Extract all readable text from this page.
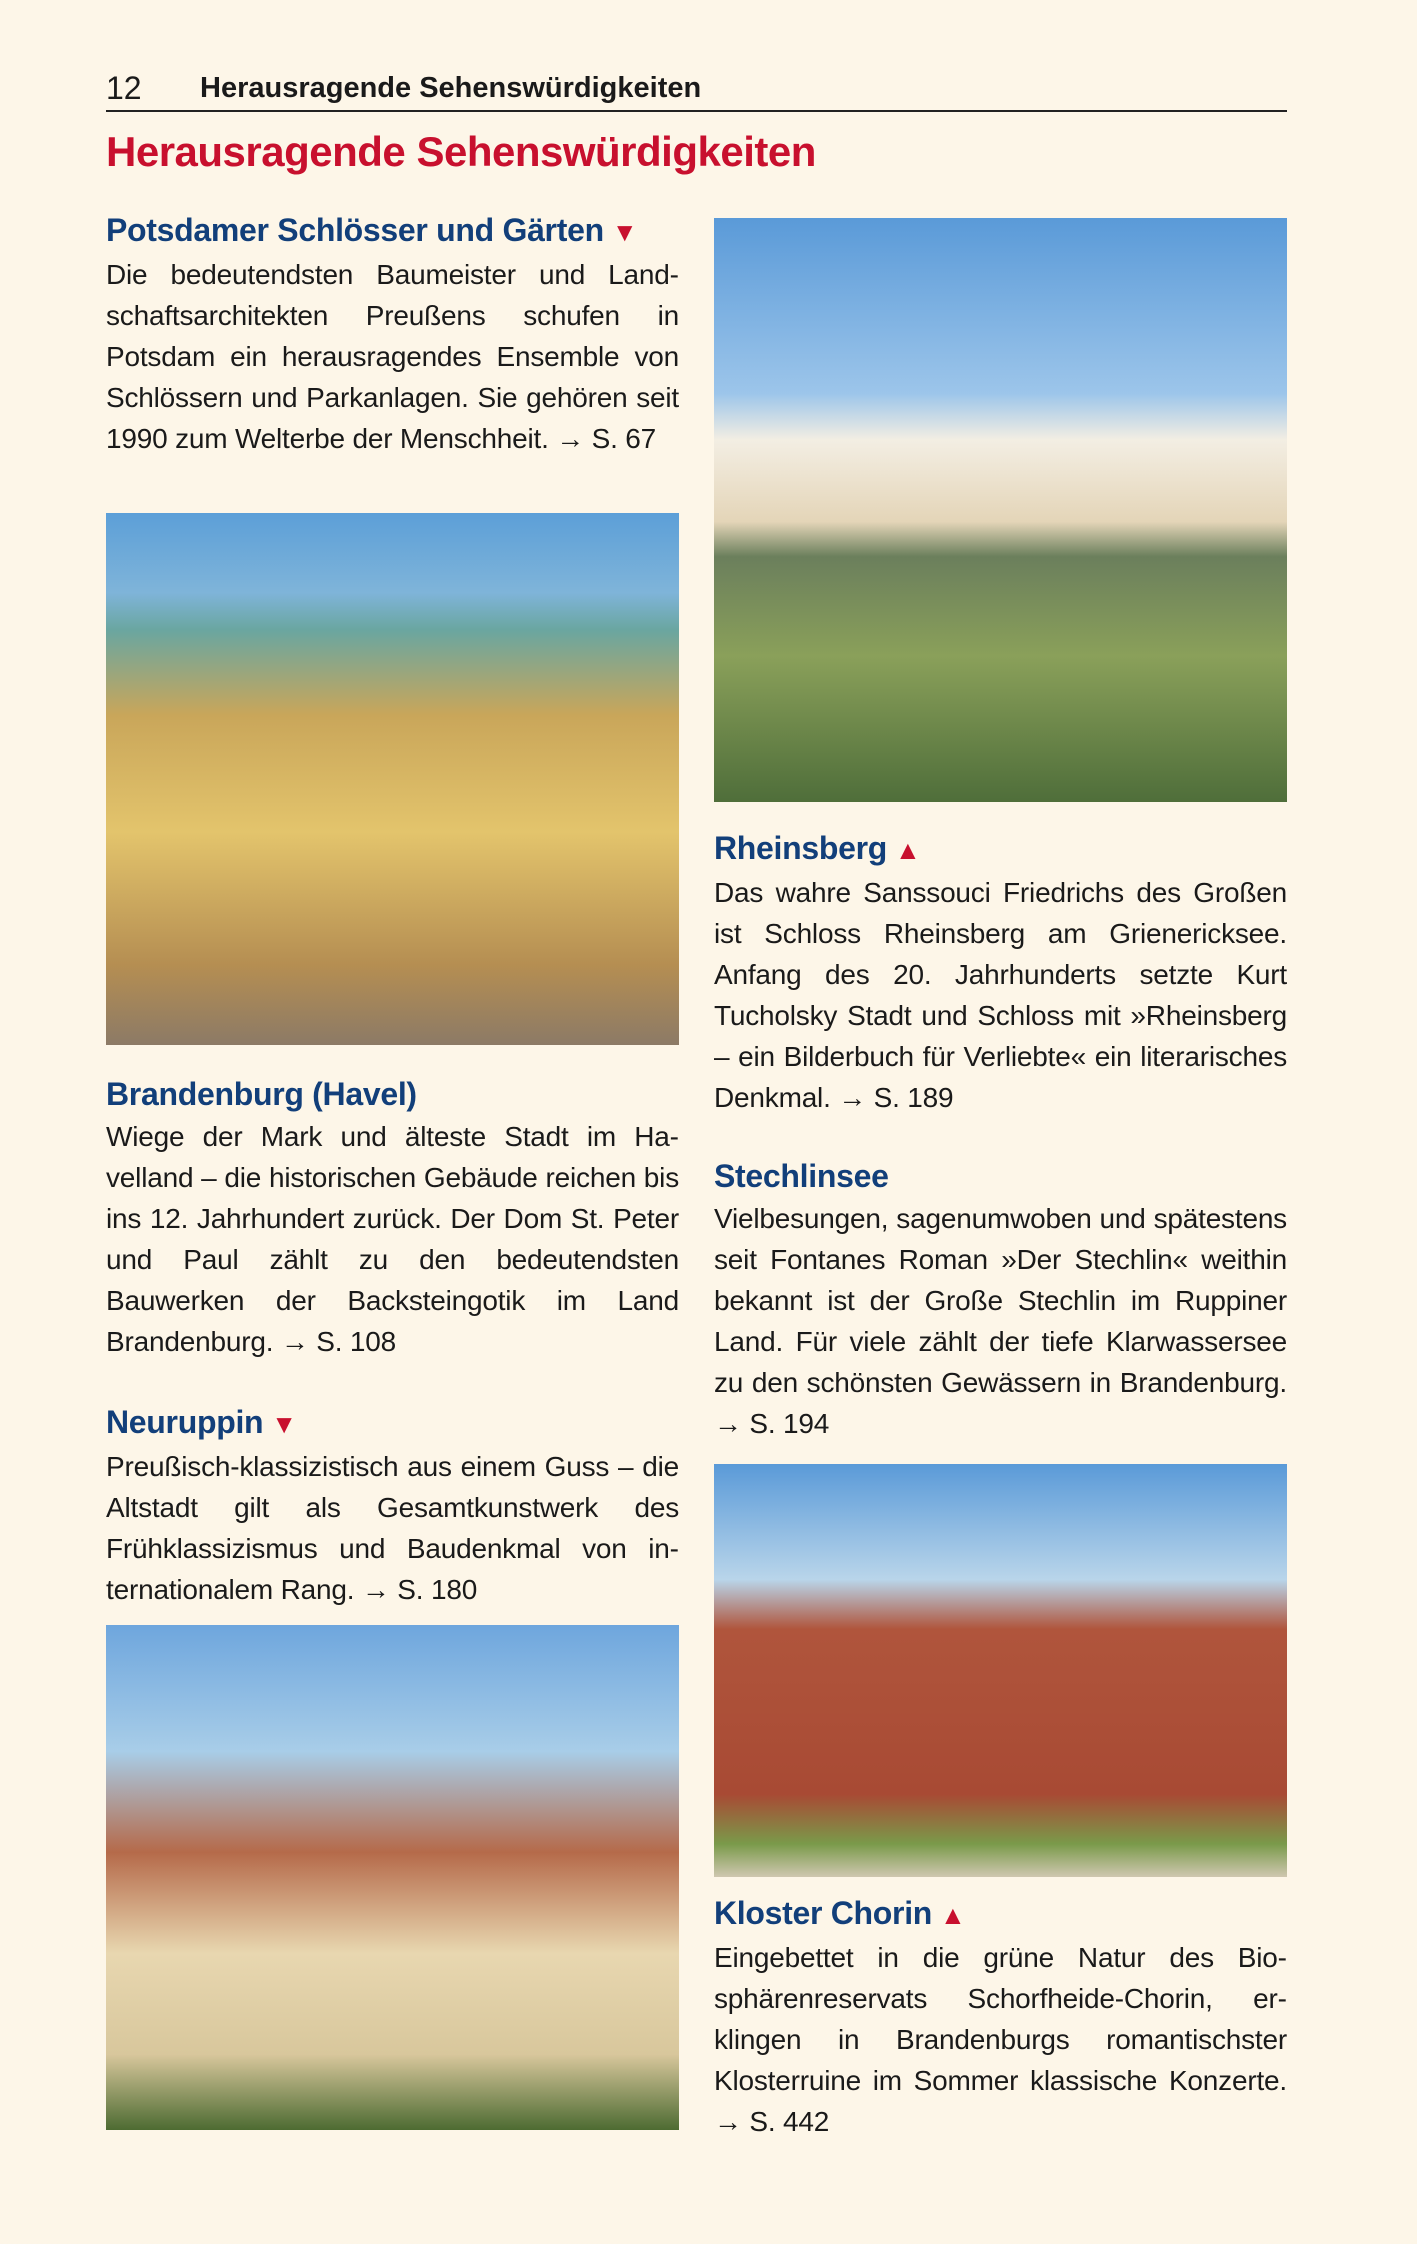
12 Herausragende Sehenswürdigkeiten
Herausragende Sehenswürdigkeiten
Potsdamer Schlösser und Gärten ▼

Die bedeutendsten Baumeister und Landschaftsarchitekten Preußens schufen in Potsdam ein herausragendes Ensemble von Schlössern und Parkanlagen. Sie gehören seit 1990 zum Welterbe der Menschheit. → S. 67

Brandenburg (Havel)

Wiege der Mark und älteste Stadt im Havelland – die historischen Gebäude reichen bis ins 12. Jahrhundert zurück. Der Dom St. Peter und Paul zählt zu den bedeutendsten Bauwerken der Backsteingotik im Land Brandenburg. → S. 108

Neuruppin ▼

Preußisch-klassizistisch aus einem Guss – die Altstadt gilt als Gesamtkunstwerk des Frühklassizismus und Baudenkmal von internationalem Rang. → S. 180

Rheinsberg ▲

Das wahre Sanssouci Friedrichs des Großen ist Schloss Rheinsberg am Grienericksee. Anfang des 20. Jahrhunderts setzte Kurt Tucholsky Stadt und Schloss mit »Rheinsberg – ein Bilderbuch für Verliebte« ein literarisches Denkmal. → S. 189

Stechlinsee

Vielbesungen, sagenumwoben und spätestens seit Fontanes Roman »Der Stechlin« weithin bekannt ist der Große Stechlin im Ruppiner Land. Für viele zählt der tiefe Klarwassersee zu den schönsten Gewässern in Brandenburg. → S. 194

Kloster Chorin ▲

Eingebettet in die grüne Natur des Biosphärenreservats Schorfheide-Chorin, erklingen in Brandenburgs romantischster Klosterruine im Sommer klassische Konzerte. → S. 442
